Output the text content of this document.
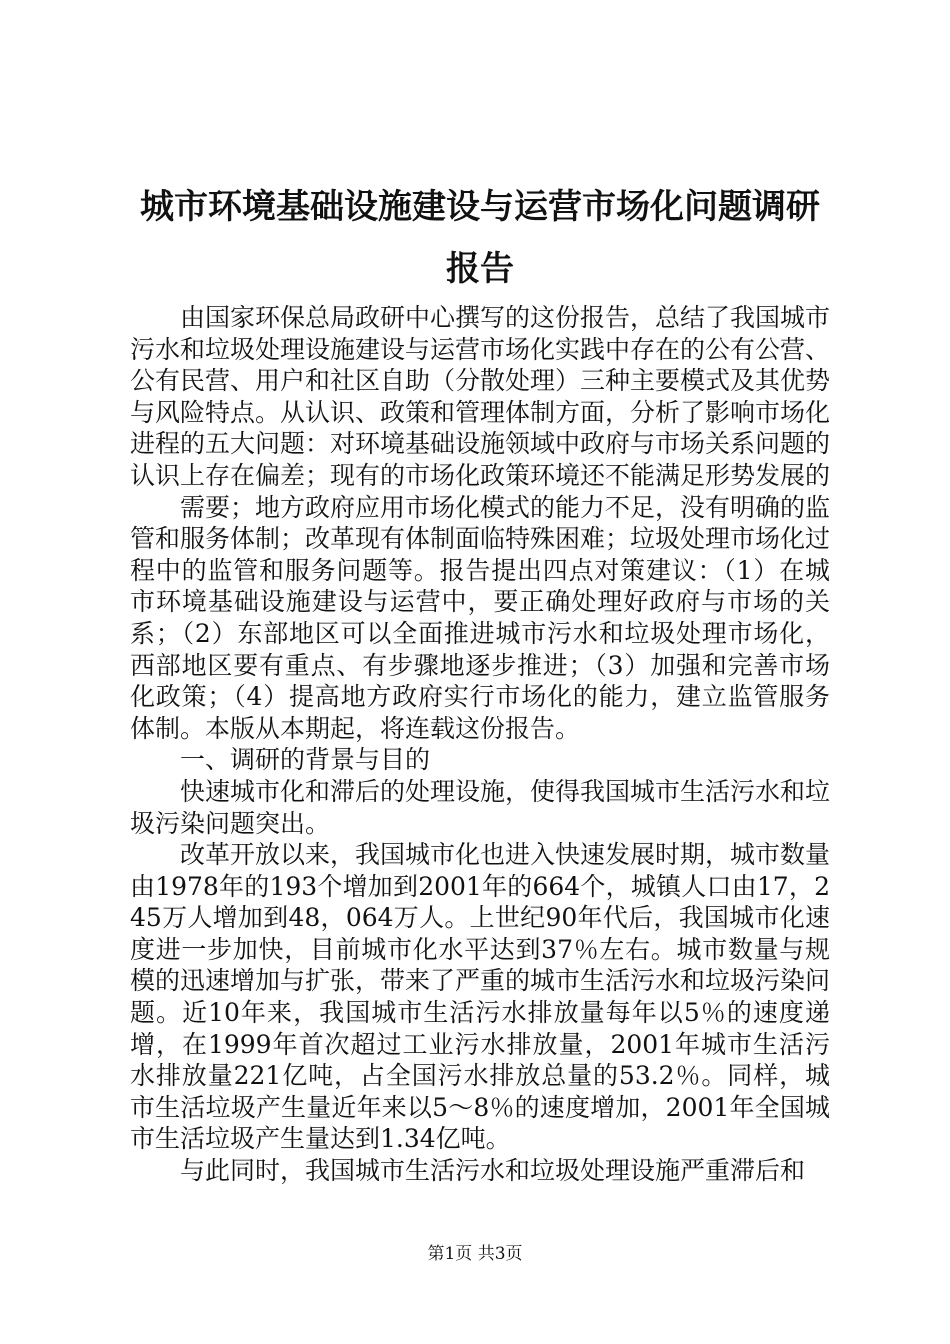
城市环境基础设施建设与运营市场化问题调研报告

由国家环保总局政研中心撰写的这份报告，总结了我国城市污水和垃圾处理设施建设与运营市场化实践中存在的公有公营、公有民营、用户和社区自助（分散处理）三种主要模式及其优势与风险特点。从认识、政策和管理体制方面，分析了影响市场化进程的五大问题：对环境基础设施领域中政府与市场关系问题的认识上存在偏差；现有的市场化政策环境还不能满足形势发展的

需要；地方政府应用市场化模式的能力不足，没有明确的监管和服务体制；改革现有体制面临特殊困难；垃圾处理市场化过程中的监管和服务问题等。报告提出四点对策建议：（1）在城市环境基础设施建设与运营中，要正确处理好政府与市场的关系；（2）东部地区可以全面推进城市污水和垃圾处理市场化，西部地区要有重点、有步骤地逐步推进；（3）加强和完善市场化政策；（4）提高地方政府实行市场化的能力，建立监管服务体制。本版从本期起，将连载这份报告。

一、调研的背景与目的

快速城市化和滞后的处理设施，使得我国城市生活污水和垃圾污染问题突出。

改革开放以来，我国城市化也进入快速发展时期，城市数量由1978年的193个增加到2001年的664个，城镇人口由17，245万人增加到48，064万人。上世纪90年代后，我国城市化速度进一步加快，目前城市化水平达到37％左右。城市数量与规模的迅速增加与扩张，带来了严重的城市生活污水和垃圾污染问题。近10年来，我国城市生活污水排放量每年以5％的速度递增，在1999年首次超过工业污水排放量，2001年城市生活污水排放量221亿吨，占全国污水排放总量的53.2％。同样，城市生活垃圾产生量近年来以5～8％的速度增加，2001年全国城市生活垃圾产生量达到1.34亿吨。

与此同时，我国城市生活污水和垃圾处理设施严重滞后和

第1页 共3页
